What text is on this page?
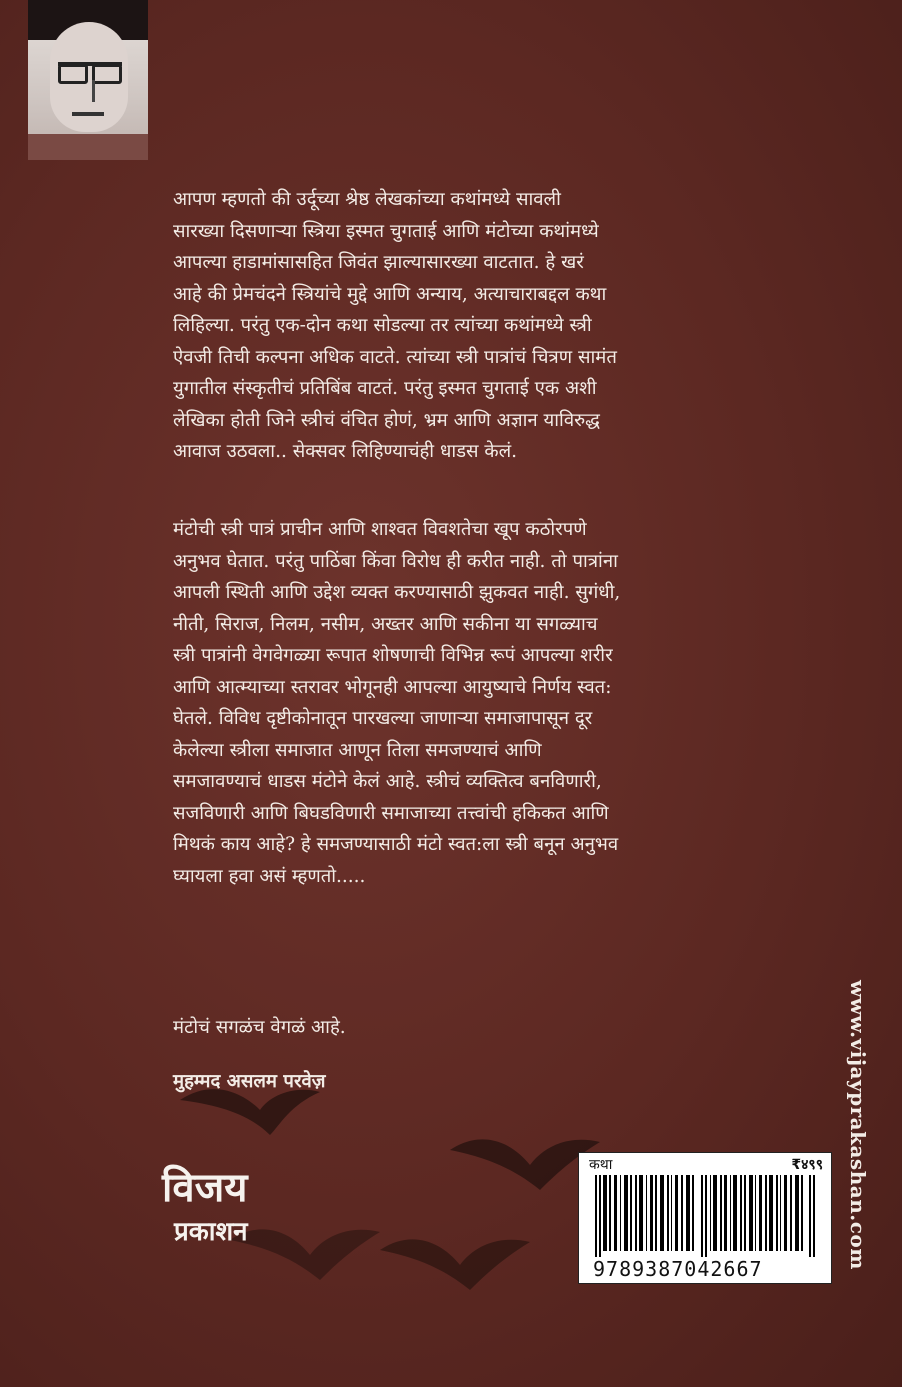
आपण म्हणतो की उर्दूच्या श्रेष्ठ लेखकांच्या कथांमध्ये सावली
सारख्या दिसणाऱ्या स्त्रिया इस्मत चुगताई आणि मंटोच्या कथांमध्ये
आपल्या हाडामांसासहित जिवंत झाल्यासारख्या वाटतात. हे खरं
आहे की प्रेमचंदने स्त्रियांचे मुद्दे आणि अन्याय, अत्याचाराबद्दल कथा
लिहिल्या. परंतु एक-दोन कथा सोडल्या तर त्यांच्या कथांमध्ये स्त्री
ऐवजी तिची कल्पना अधिक वाटते. त्यांच्या स्त्री पात्रांचं चित्रण सामंत
युगातील संस्कृतीचं प्रतिबिंब वाटतं. परंतु इस्मत चुगताई एक अशी
लेखिका होती जिने स्त्रीचं वंचित होणं, भ्रम आणि अज्ञान याविरुद्ध
आवाज उठवला.. सेक्सवर लिहिण्याचंही धाडस केलं.
मंटोची स्त्री पात्रं प्राचीन आणि शाश्वत विवशतेचा खूप कठोरपणे
अनुभव घेतात. परंतु पाठिंबा किंवा विरोध ही करीत नाही. तो पात्रांना
आपली स्थिती आणि उद्देश व्यक्त करण्यासाठी झुकवत नाही. सुगंधी,
नीती, सिराज, निलम, नसीम, अख्तर आणि सकीना या सगळ्याच
स्त्री पात्रांनी वेगवेगळ्या रूपात शोषणाची विभिन्न रूपं आपल्या शरीर
आणि आत्म्याच्या स्तरावर भोगूनही आपल्या आयुष्याचे निर्णय स्वत:
घेतले. विविध दृष्टीकोनातून पारखल्या जाणाऱ्या समाजापासून दूर
केलेल्या स्त्रीला समाजात आणून तिला समजण्याचं आणि
समजावण्याचं धाडस मंटोने केलं आहे. स्त्रीचं व्यक्तित्व बनविणारी,
सजविणारी आणि बिघडविणारी समाजाच्या तत्त्वांची हकिकत आणि
मिथकं काय आहे? हे समजण्यासाठी मंटो स्वत:ला स्त्री बनून अनुभव
घ्यायला हवा असं म्हणतो.....
मंटोचं सगळंच वेगळं आहे.
मुहम्मद असलम परवेज़
विजय
प्रकाशन	www.vijayprakashan.com
कथा	₹४९९
9789387042667
